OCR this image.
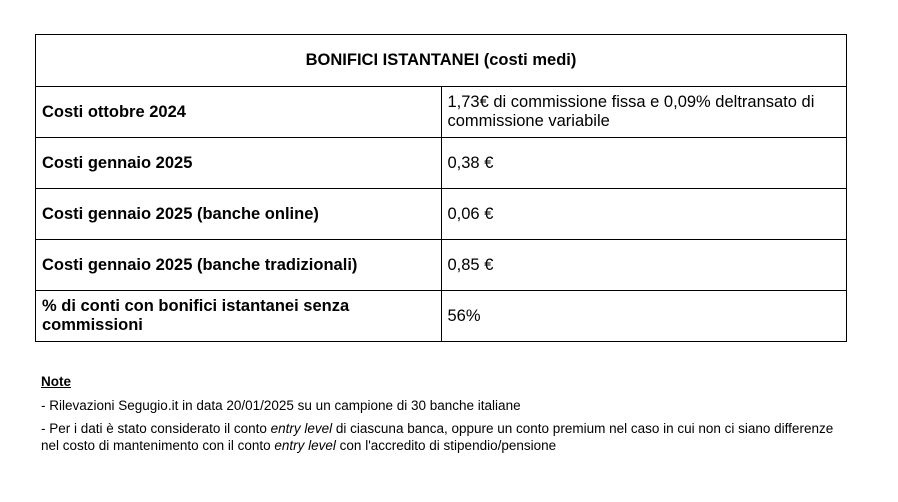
BONIFICI ISTANTANEI (costi medi)	
Costi ottobre 2024	1,73€ di commissione fissa e 0,09% deltransato di commissione variabile
Costi gennaio 2025	0,38 €
Costi gennaio 2025 (banche online)	0,06 €
Costi gennaio 2025 (banche tradizionali)	0,85 €
% di conti con bonifici istantanei senza commissioni	56%
Note
- Rilevazioni Segugio.it in data 20/01/2025 su un campione di 30 banche italiane
- Per i dati è stato considerato il conto entry level di ciascuna banca, oppure un conto premium nel caso in cui non ci siano differenze nel costo di mantenimento con il conto entry level con l'accredito di stipendio/pensione
